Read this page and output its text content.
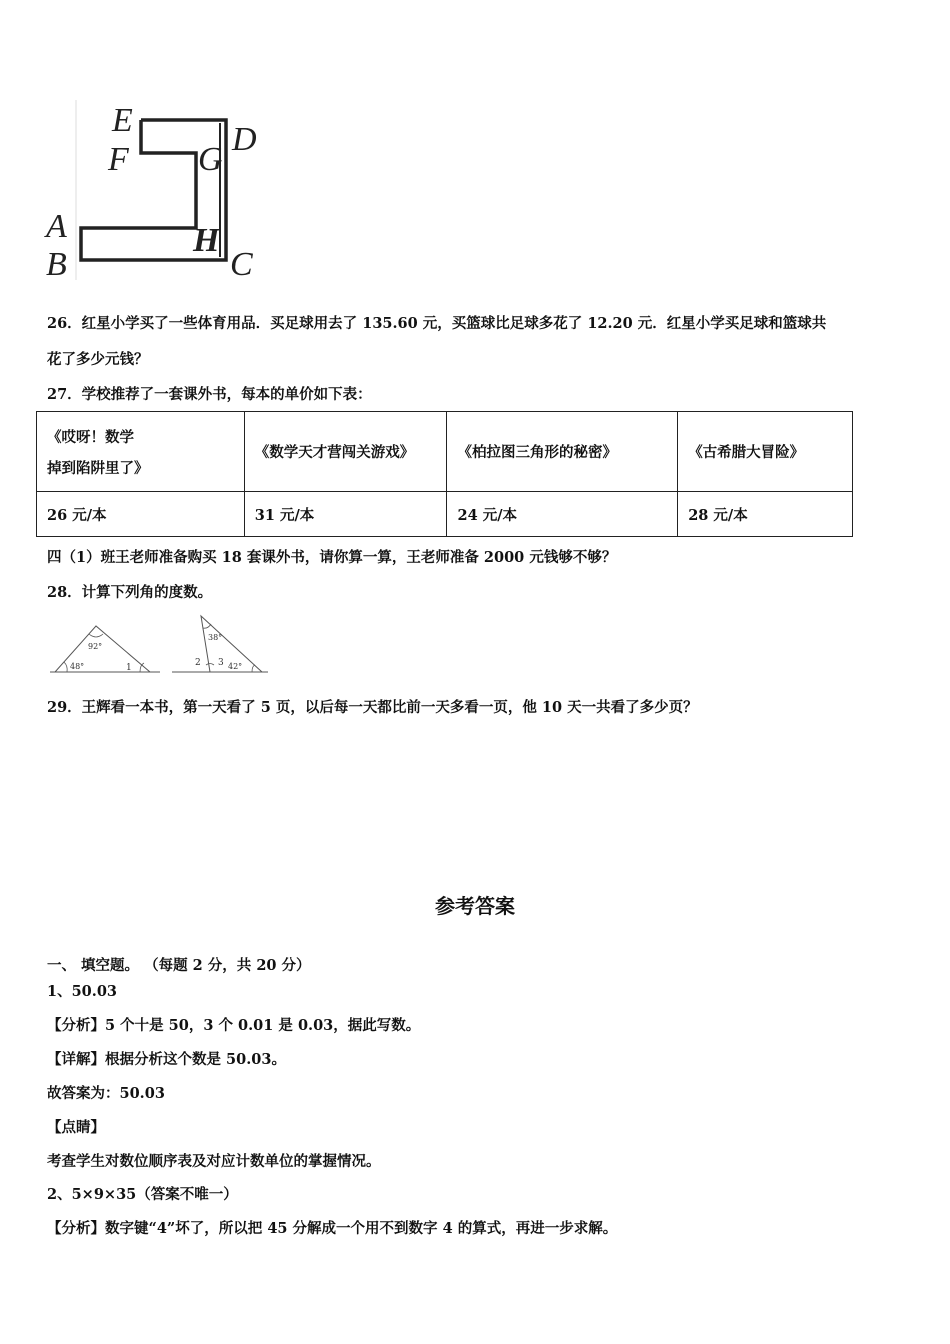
E
F G
D
A
B
H
C
26．红星小学买了一些体育用品．买足球用去了 135.60 元，买篮球比足球多花了 12.20 元．红星小学买足球和篮球共
花了多少元钱？
27．学校推荐了一套课外书，每本的单价如下表：
《哎呀！数学
掉到陷阱里了》	《数学天才营闯关游戏》	《柏拉图三角形的秘密》	《古希腊大冒险》
26 元/本	31 元/本	24 元/本	28 元/本
四（1）班王老师准备购买 18 套课外书，请你算一算，王老师准备 2000 元钱够不够？
28．计算下列角的度数。
92°
48°	1
38°
2 3 42°
29．王辉看一本书，第一天看了 5 页，以后每一天都比前一天多看一页，他 10 天一共看了多少页？
参考答案
一、 填空题。 （每题 2 分，共 20 分）
1、50.03
【分析】5 个十是 50，3 个 0.01 是 0.03，据此写数。
【详解】根据分析这个数是 50.03。
故答案为：50.03
【点睛】
考查学生对数位顺序表及对应计数单位的掌握情况。
2、5×9×35（答案不唯一）
【分析】数字键“4”坏了，所以把 45 分解成一个用不到数字 4 的算式，再进一步求解。
